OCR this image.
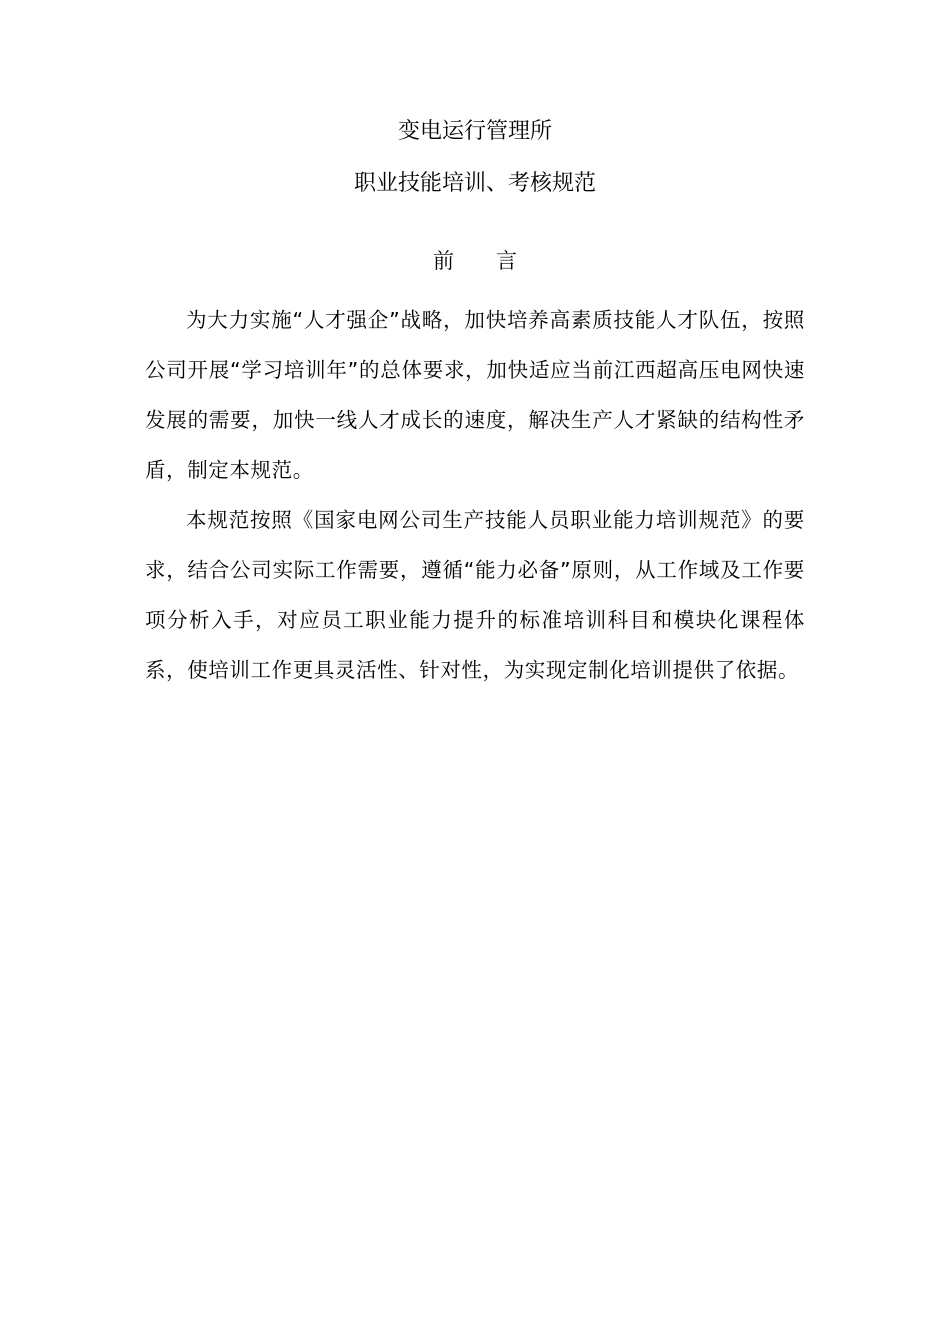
变电运行管理所
职业技能培训、考核规范
前　　言

为大力实施“人才强企”战略，加快培养高素质技能人才队伍，按照公司开展“学习培训年”的总体要求，加快适应当前江西超高压电网快速发展的需要，加快一线人才成长的速度，解决生产人才紧缺的结构性矛盾，制定本规范。

本规范按照《国家电网公司生产技能人员职业能力培训规范》的要求，结合公司实际工作需要，遵循“能力必备”原则，从工作域及工作要项分析入手，对应员工职业能力提升的标准培训科目和模块化课程体系，使培训工作更具灵活性、针对性，为实现定制化培训提供了依据。
